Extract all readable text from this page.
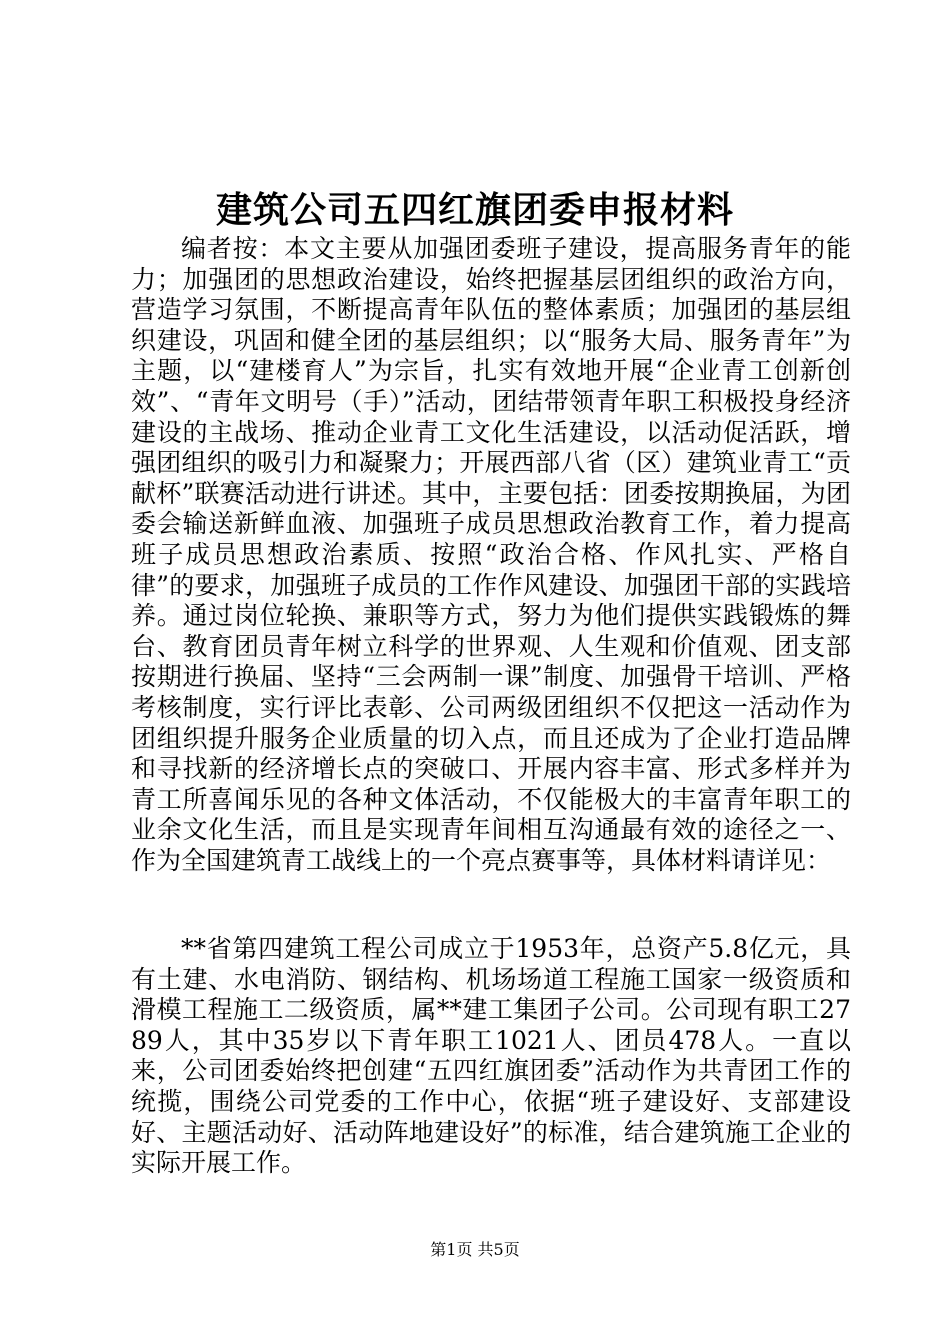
建筑公司五四红旗团委申报材料

编者按：本文主要从加强团委班子建设，提高服务青年的能力；加强团的思想政治建设，始终把握基层团组织的政治方向，营造学习氛围，不断提高青年队伍的整体素质；加强团的基层组织建设，巩固和健全团的基层组织；以“服务大局、服务青年”为主题，以“建楼育人”为宗旨，扎实有效地开展“企业青工创新创效”、“青年文明号（手）”活动，团结带领青年职工积极投身经济建设的主战场、推动企业青工文化生活建设，以活动促活跃，增强团组织的吸引力和凝聚力；开展西部八省（区）建筑业青工“贡献杯”联赛活动进行讲述。其中，主要包括：团委按期换届，为团委会输送新鲜血液、加强班子成员思想政治教育工作，着力提高班子成员思想政治素质、按照“政治合格、作风扎实、严格自律”的要求，加强班子成员的工作作风建设、加强团干部的实践培养。通过岗位轮换、兼职等方式，努力为他们提供实践锻炼的舞台、教育团员青年树立科学的世界观、人生观和价值观、团支部按期进行换届、坚持“三会两制一课”制度、加强骨干培训、严格考核制度，实行评比表彰、公司两级团组织不仅把这一活动作为团组织提升服务企业质量的切入点，而且还成为了企业打造品牌和寻找新的经济增长点的突破口、开展内容丰富、形式多样并为青工所喜闻乐见的各种文体活动，不仅能极大的丰富青年职工的业余文化生活，而且是实现青年间相互沟通最有效的途径之一、作为全国建筑青工战线上的一个亮点赛事等，具体材料请详见：

**省第四建筑工程公司成立于1953年，总资产5.8亿元，具有土建、水电消防、钢结构、机场场道工程施工国家一级资质和滑模工程施工二级资质，属**建工集团子公司。公司现有职工2789人，其中35岁以下青年职工1021人、团员478人。一直以来，公司团委始终把创建“五四红旗团委”活动作为共青团工作的统揽，围绕公司党委的工作中心，依据“班子建设好、支部建设好、主题活动好、活动阵地建设好”的标准，结合建筑施工企业的实际开展工作。

第1页 共5页
